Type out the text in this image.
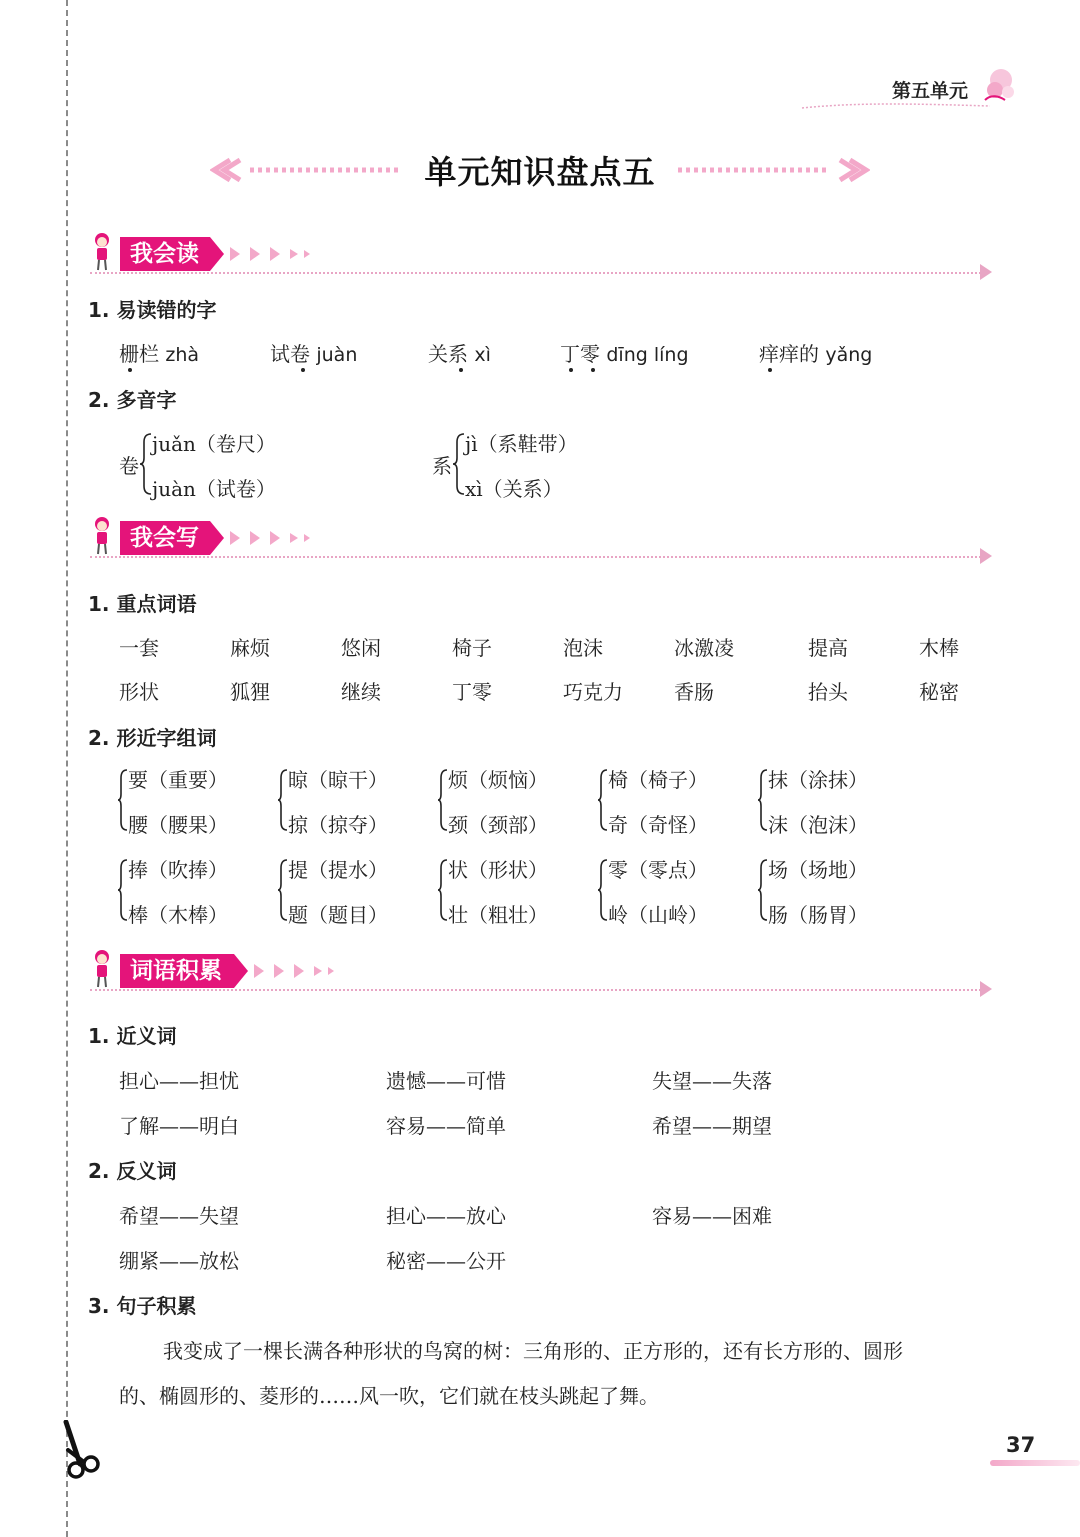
第五单元
单元知识盘点五
我会读
1. 易读错的字
栅栏 zhà	试卷 juàn	关系 xì	丁零 dīng líng	痒痒的 yǎng
2. 多音字
卷
juǎn（卷尺）
juàn（试卷）
系
jì（系鞋带）
xì（关系）
我会写
1. 重点词语
一套	麻烦	悠闲	椅子	泡沫	冰激凌	提高	木棒
形状	狐狸	继续	丁零	巧克力	香肠	抬头	秘密
2. 形近字组词
要（重要）
腰（腰果）
晾（晾干）
掠（掠夺）
烦（烦恼）
颈（颈部）
椅（椅子）
奇（奇怪）
抹（涂抹）
沫（泡沫）
捧（吹捧）
棒（木棒）
提（提水）
题（题目）
状（形状）
壮（粗壮）
零（零点）
岭（山岭）
场（场地）
肠（肠胃）
词语积累
1. 近义词
担心——担忧	遗憾——可惜	失望——失落
了解——明白	容易——简单	希望——期望
2. 反义词
希望——失望	担心——放心	容易——困难
绷紧——放松	秘密——公开
3. 句子积累
我变成了一棵长满各种形状的鸟窝的树：三角形的、正方形的，还有长方形的、圆形
的、椭圆形的、菱形的……风一吹，它们就在枝头跳起了舞。
37
